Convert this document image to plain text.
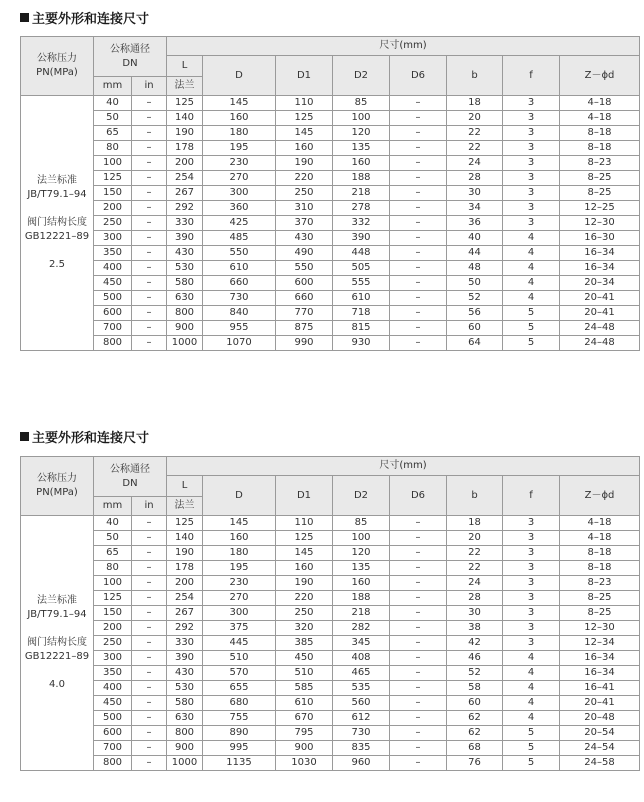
主要外形和连接尺寸
公称压力
PN(MPa)	公称通径
DN		尺寸(mm)							
			L	D	D1	D2	D6	b	f	Z－ϕd
	mm	in	法兰							

法兰标准
JB/T79.1–94
阀门结构长度
GB12221–89
2.5	40	–	125	145	110	85	–	18	3	4–18
	50	–	140	160	125	100	–	20	3	4–18
	65	–	190	180	145	120	–	22	3	8–18
	80	–	178	195	160	135	–	22	3	8–18
	100	–	200	230	190	160	–	24	3	8–23
	125	–	254	270	220	188	–	28	3	8–25
	150	–	267	300	250	218	–	30	3	8–25
	200	–	292	360	310	278	–	34	3	12–25
	250	–	330	425	370	332	–	36	3	12–30
	300	–	390	485	430	390	–	40	4	16–30
	350	–	430	550	490	448	–	44	4	16–34
	400	–	530	610	550	505	–	48	4	16–34
	450	–	580	660	600	555	–	50	4	20–34
	500	–	630	730	660	610	–	52	4	20–41
	600	–	800	840	770	718	–	56	5	20–41
	700	–	900	955	875	815	–	60	5	24–48
	800	–	1000	1070	990	930	–	64	5	24–48
主要外形和连接尺寸
公称压力
PN(MPa)	公称通径
DN		尺寸(mm)							
			L	D	D1	D2	D6	b	f	Z－ϕd
	mm	in	法兰							

法兰标准
JB/T79.1–94
阀门结构长度
GB12221–89
4.0	40	–	125	145	110	85	–	18	3	4–18
	50	–	140	160	125	100	–	20	3	4–18
	65	–	190	180	145	120	–	22	3	8–18
	80	–	178	195	160	135	–	22	3	8–18
	100	–	200	230	190	160	–	24	3	8–23
	125	–	254	270	220	188	–	28	3	8–25
	150	–	267	300	250	218	–	30	3	8–25
	200	–	292	375	320	282	–	38	3	12–30
	250	–	330	445	385	345	–	42	3	12–34
	300	–	390	510	450	408	–	46	4	16–34
	350	–	430	570	510	465	–	52	4	16–34
	400	–	530	655	585	535	–	58	4	16–41
	450	–	580	680	610	560	–	60	4	20–41
	500	–	630	755	670	612	–	62	4	20–48
	600	–	800	890	795	730	–	62	5	20–54
	700	–	900	995	900	835	–	68	5	24–54
	800	–	1000	1135	1030	960	–	76	5	24–58
